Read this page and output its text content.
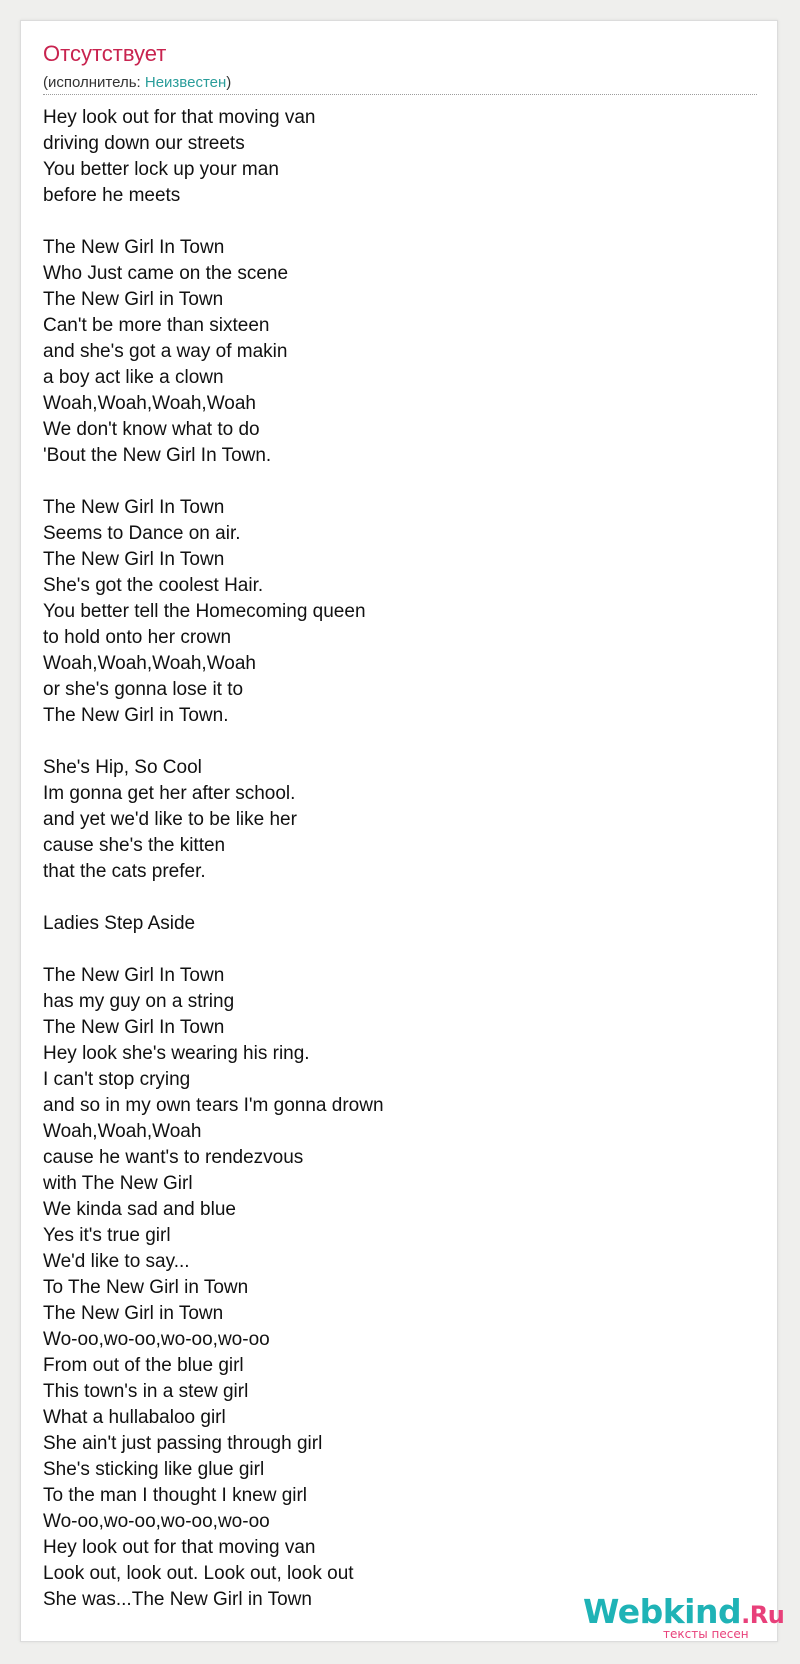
Отсутствует
(исполнитель: Неизвестен)
Hey look out for that moving van
driving down our streets
You better lock up your man
before he meets
The New Girl In Town
Who Just came on the scene
The New Girl in Town
Can't be more than sixteen
and she's got a way of makin
a boy act like a clown
Woah,Woah,Woah,Woah
We don't know what to do
'Bout the New Girl In Town.
The New Girl In Town
Seems to Dance on air.
The New Girl In Town
She's got the coolest Hair.
You better tell the Homecoming queen
to hold onto her crown
Woah,Woah,Woah,Woah
or she's gonna lose it to
The New Girl in Town.
She's Hip, So Cool
Im gonna get her after school.
and yet we'd like to be like her
cause she's the kitten
that the cats prefer.
Ladies Step Aside
The New Girl In Town
has my guy on a string
The New Girl In Town
Hey look she's wearing his ring.
I can't stop crying
and so in my own tears I'm gonna drown
Woah,Woah,Woah
cause he want's to rendezvous
with The New Girl
We kinda sad and blue
Yes it's true girl
We'd like to say...
To The New Girl in Town
The New Girl in Town
Wo-oo,wo-oo,wo-oo,wo-oo
From out of the blue girl
This town's in a stew girl
What a hullabaloo girl
She ain't just passing through girl
She's sticking like glue girl
To the man I thought I knew girl
Wo-oo,wo-oo,wo-oo,wo-oo
Hey look out for that moving van
Look out, look out. Look out, look out
She was...The New Girl in Town	Webkind.Ru
тексты песен
